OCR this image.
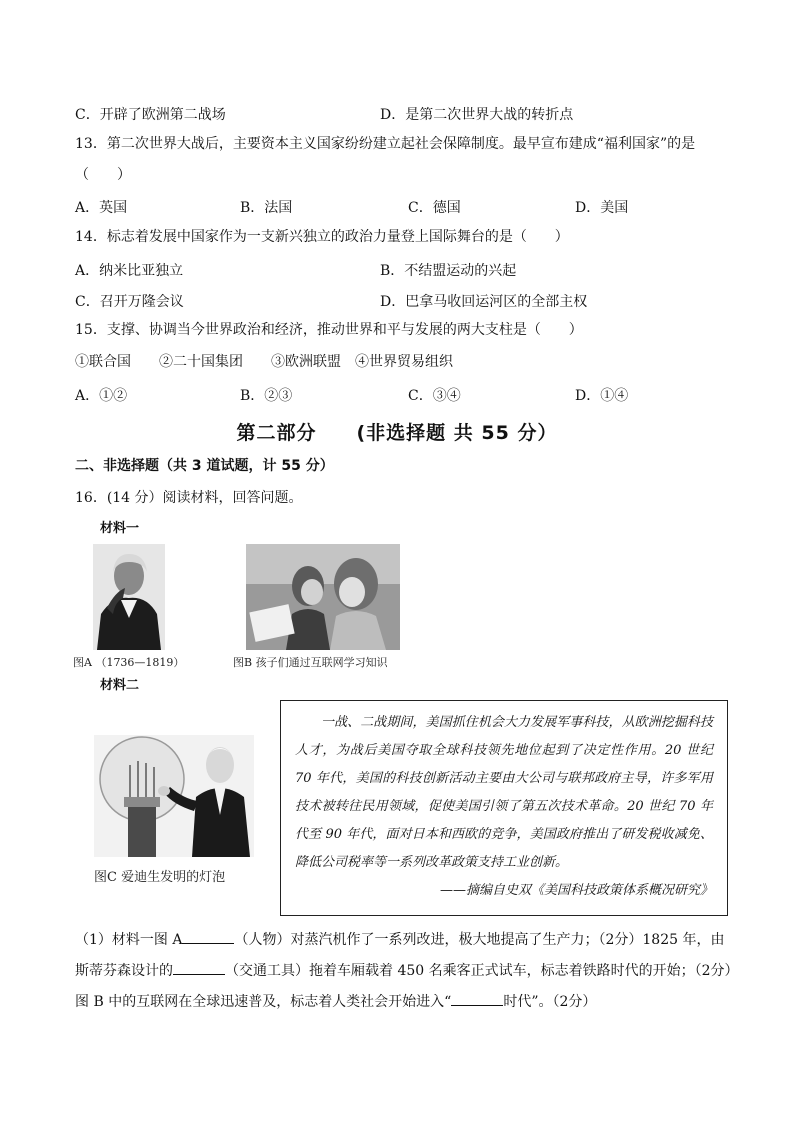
C．开辟了欧洲第二战场	D．是第二次世界大战的转折点
13．第二次世界大战后，主要资本主义国家纷纷建立起社会保障制度。最早宣布建成“福利国家”的是
（　　）
A．英国	B．法国	C．德国	D．美国
14．标志着发展中国家作为一支新兴独立的政治力量登上国际舞台的是（　　）
A．纳米比亚独立	B．不结盟运动的兴起
C．召开万隆会议	D．巴拿马收回运河区的全部主权
15．支撑、协调当今世界政治和经济，推动世界和平与发展的两大支柱是（　　）
①联合国　　②二十国集团　　③欧洲联盟　④世界贸易组织
A．①②	B．②③	C．③④	D．①④
第二部分　　(非选择题 共 55 分）
二、非选择题（共 3 道试题，计 55 分）
16．(14 分）阅读材料，回答问题。
材料一
图A （1736—1819）	图B 孩子们通过互联网学习知识
材料二
图C 爱迪生发明的灯泡

一战、二战期间，美国抓住机会大力发展军事科技，从欧洲挖掘科技人才，为战后美国夺取全球科技领先地位起到了决定性作用。20 世纪 70 年代，美国的科技创新活动主要由大公司与联邦政府主导，许多军用技术被转往民用领域，促使美国引领了第五次技术革命。20 世纪 70 年代至 90 年代，面对日本和西欧的竞争，美国政府推出了研发税收减免、降低公司税率等一系列改革政策支持工业创新。

——摘编自史双《美国科技政策体系概况研究》
（1）材料一图 A	（人物）对蒸汽机作了一系列改进，极大地提高了生产力；（2分）1825 年，由
斯蒂芬森设计的	（交通工具）拖着车厢载着 450 名乘客正式试车，标志着铁路时代的开始；（2分）
图 B 中的互联网在全球迅速普及，标志着人类社会开始进入“	时代”。（2分）
